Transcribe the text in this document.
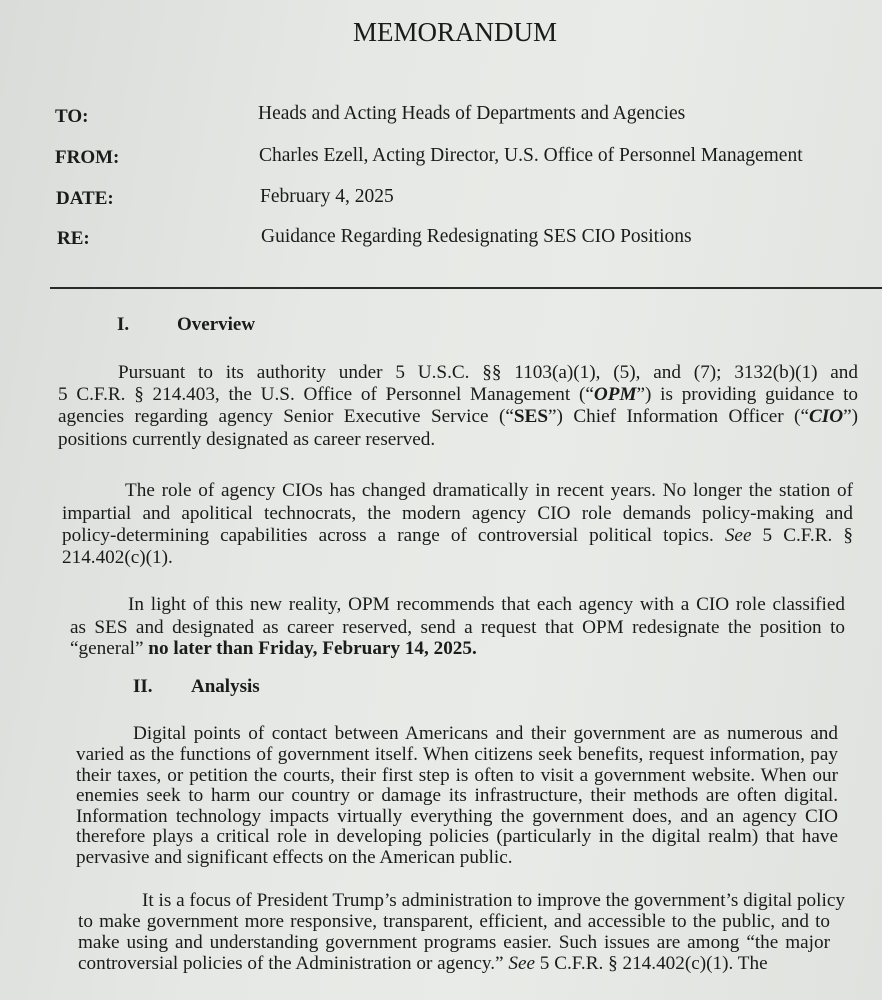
MEMORANDUM
TO:	Heads and Acting Heads of Departments and Agencies
FROM:	Charles Ezell, Acting Director, U.S. Office of Personnel Management
DATE:	February 4, 2025
RE:	Guidance Regarding Redesignating SES CIO Positions
I.	Overview
II. Analysis
Pursuant to its authority under 5 U.S.C. §§ 1103(a)(1), (5), and (7); 3132(b)(1) and
5 C.F.R. § 214.403, the U.S. Office of Personnel Management (“OPM”) is providing guidance to
agencies regarding agency Senior Executive Service (“SES”) Chief Information Officer (“CIO”)
positions currently designated as career reserved.
The role of agency CIOs has changed dramatically in recent years. No longer the station of
impartial and apolitical technocrats, the modern agency CIO role demands policy-making and
policy-determining capabilities across a range of controversial political topics. See 5 C.F.R. §
214.402(c)(1).
In light of this new reality, OPM recommends that each agency with a CIO role classified
as SES and designated as career reserved, send a request that OPM redesignate the position to
“general” no later than Friday, February 14, 2025.
Digital points of contact between Americans and their government are as numerous and
varied as the functions of government itself. When citizens seek benefits, request information, pay
their taxes, or petition the courts, their first step is often to visit a government website. When our
enemies seek to harm our country or damage its infrastructure, their methods are often digital.
Information technology impacts virtually everything the government does, and an agency CIO
therefore plays a critical role in developing policies (particularly in the digital realm) that have
pervasive and significant effects on the American public.
It is a focus of President Trump’s administration to improve the government’s digital policy
to make government more responsive, transparent, efficient, and accessible to the public, and to
make using and understanding government programs easier. Such issues are among “the major
controversial policies of the Administration or agency.” See 5 C.F.R. § 214.402(c)(1). The
